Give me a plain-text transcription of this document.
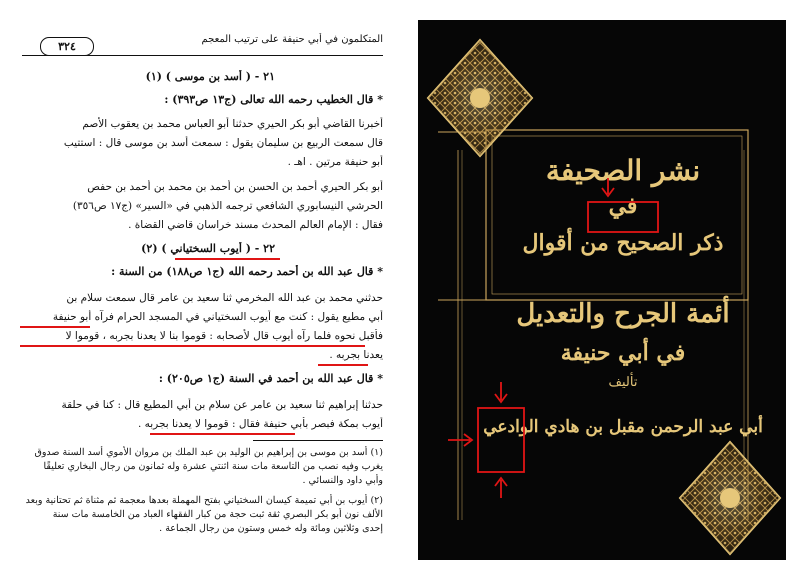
المتكلمون في أبي حنيفة على ترتيب المعجم
٣٢٤
٢١ - ( أسد بن موسى ) (١)
* قال الخطيب رحمه الله تعالى (ج١٣ ص٣٩٣) :
أخبرنا القاضي أبو بكر الحيري حدثنا أبو العباس محمد بن يعقوب الأصم
قال سمعت الربيع بن سليمان يقول : سمعت أسد بن موسى قال : استتيب
أبو حنيفة مرتين . اهـ .
أبو بكر الحيري أحمد بن الحسن بن أحمد بن محمد بن أحمد بن حفص
الحرشي النيسابوري الشافعي ترجمه الذهبي في «السير» (ج١٧ ص٣٥٦)
فقال : الإمام العالم المحدث مسند خراسان قاضي القضاة .
٢٢ - ( أيوب السختياني ) (٢)
* قال عبد الله بن أحمد رحمه الله (ج١ ص١٨٨) من السنة :
حدثني محمد بن عبد الله المخرمي ثنا سعيد بن عامر قال سمعت سلام بن
أبي مطيع يقول : كنت مع أيوب السختياني في المسجد الحرام فرآه أبو حنيفة
فأقبل نحوه فلما رآه أيوب قال لأصحابه : قوموا بنا لا يعدنا بجربه ، قوموا لا
يعدنا بجربه .
* قال عبد الله بن أحمد في السنة (ج١ ص٢٠٥) :
حدثنا إبراهيم ثنا سعيد بن عامر عن سلام بن أبي المطيع قال : كنا في حلقة
أيوب بمكة فبصر بأبي حنيفة فقال : قوموا لا يعدنا بجربه .
(١) أسد بن موسى بن إبراهيم بن الوليد بن عبد الملك بن مروان الأموي أسد السنة صدوق
يغرب وفيه نصب من التاسعة مات سنة اثنتي عشرة وله ثمانون من رجال البخاري تعليقًا
وأبي داود والنسائي .
(٢) أيوب بن أبي تميمة كيسان السختياني بفتح المهملة بعدها معجمة ثم مثناة ثم تحتانية وبعد
الألف نون أبو بكر البصري ثقة ثبت حجة من كبار الفقهاء العباد من الخامسة مات سنة
إحدى وثلاثين ومائة وله خمس وستون من رجال الجماعة .
نشر الصحيفة
في
ذكر الصحيح من أقوال
أئمة الجرح والتعديل
في أبي حنيفة
تأليف
أبي عبد الرحمن مقبل بن هادي الوادعي
